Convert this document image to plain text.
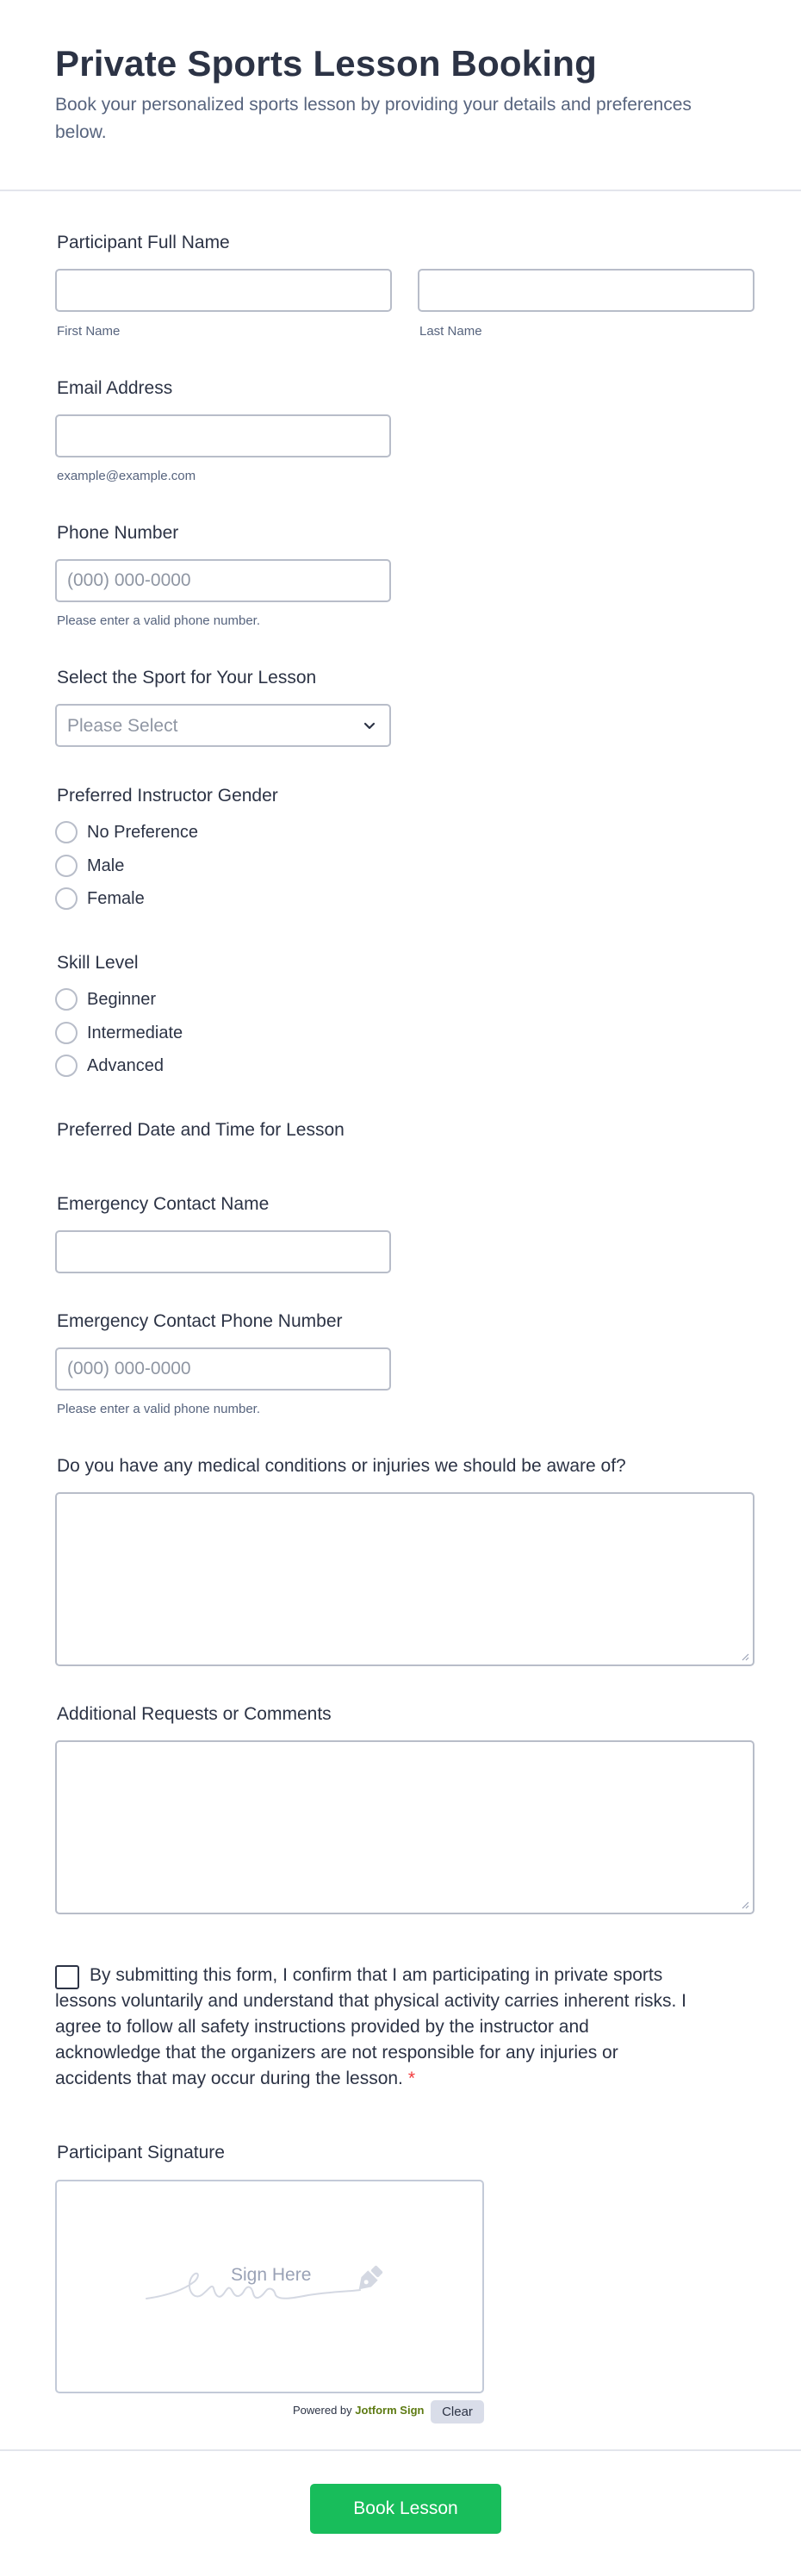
Private Sports Lesson Booking
Book your personalized sports lesson by providing your details and preferences below.
Participant Full Name
First Name	Last Name
Email Address
example@example.com
Phone Number
(000) 000-0000
Please enter a valid phone number.
Select the Sport for Your Lesson
Please Select
Preferred Instructor Gender
No Preference
Male
Female
Skill Level
Beginner
Intermediate
Advanced
Preferred Date and Time for Lesson
Emergency Contact Name
Emergency Contact Phone Number
(000) 000-0000
Please enter a valid phone number.
Do you have any medical conditions or injuries we should be aware of?
Additional Requests or Comments
By submitting this form, I confirm that I am participating in private sports lessons voluntarily and understand that physical activity carries inherent risks. I agree to follow all safety instructions provided by the instructor and acknowledge that the organizers are not responsible for any injuries or accidents that may occur during the lesson. *
Participant Signature
Sign Here
Powered by Jotform Sign	Clear
Book Lesson
